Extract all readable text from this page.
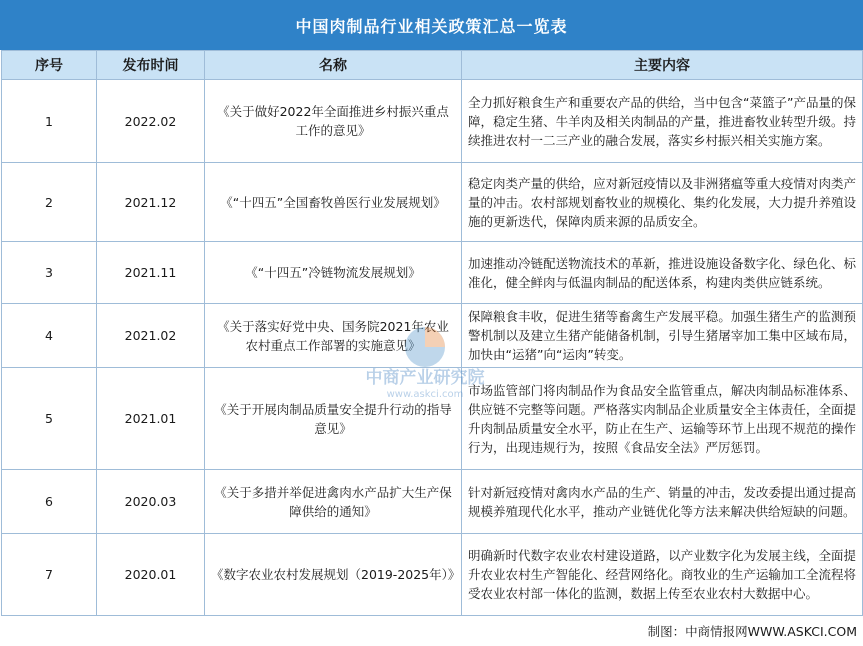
中国肉制品行业相关政策汇总一览表
序号	发布时间	名称	主要内容
1	2022.02	《关于做好2022年全面推进乡村振兴重点工作的意见》	全力抓好粮食生产和重要农产品的供给，当中包含“菜篮子”产品量的保障，稳定生猪、牛羊肉及相关肉制品的产量，推进畜牧业转型升级。持续推进农村一二三产业的融合发展，落实乡村振兴相关实施方案。
2	2021.12	《“十四五”全国畜牧兽医行业发展规划》	稳定肉类产量的供给，应对新冠疫情以及非洲猪瘟等重大疫情对肉类产量的冲击。农村部规划畜牧业的规模化、集约化发展，大力提升养殖设施的更新迭代，保障肉质来源的品质安全。
3	2021.11	《“十四五”冷链物流发展规划》	加速推动冷链配送物流技术的革新，推进设施设备数字化、绿色化、标准化，健全鲜肉与低温肉制品的配送体系，构建肉类供应链系统。
4	2021.02	《关于落实好党中央、国务院2021年农业农村重点工作部署的实施意见》	保障粮食丰收，促进生猪等畜禽生产发展平稳。加强生猪生产的监测预警机制以及建立生猪产能储备机制，引导生猪屠宰加工集中区域布局，加快由“运猪”向“运肉”转变。
5	2021.01	《关于开展肉制品质量安全提升行动的指导意见》	市场监管部门将肉制品作为食品安全监管重点，解决肉制品标准体系、供应链不完整等问题。严格落实肉制品企业质量安全主体责任，全面提升肉制品质量安全水平，防止在生产、运输等环节上出现不规范的操作行为，出现违规行为，按照《食品安全法》严厉惩罚。
6	2020.03	《关于多措并举促进禽肉水产品扩大生产保障供给的通知》	针对新冠疫情对禽肉水产品的生产、销量的冲击，发改委提出通过提高规模养殖现代化水平，推动产业链优化等方法来解决供给短缺的问题。
7	2020.01	《数字农业农村发展规划（2019-2025年）》	明确新时代数字农业农村建设道路，以产业数字化为发展主线，全面提升农业农村生产智能化、经营网络化。商牧业的生产运输加工全流程将受农业农村部一体化的监测，数据上传至农业农村大数据中心。
中商产业研究院
www.askci.com
制图：中商情报网WWW.ASKCI.COM
